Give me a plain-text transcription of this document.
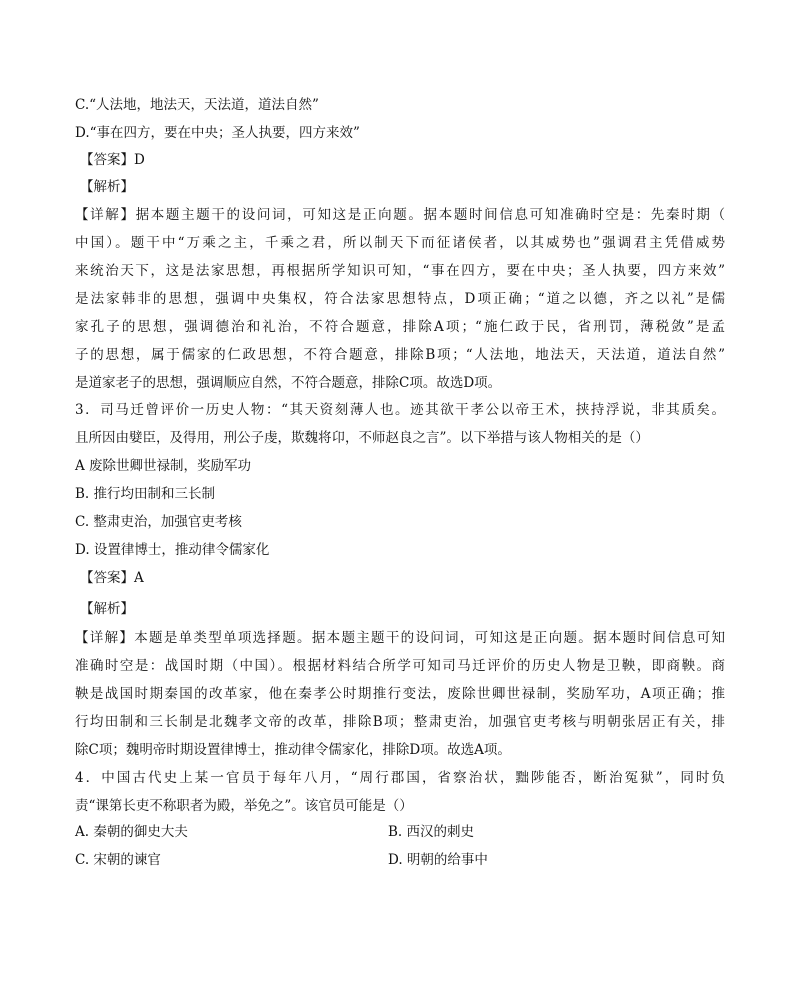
C.“人法地，地法天，天法道，道法自然”
D.“事在四方，要在中央；圣人执要，四方来效”
【答案】D
【解析】
【详解】据本题主题干的设问词，可知这是正向题。据本题时间信息可知准确时空是：先秦时期（
中国）。题干中“万乘之主，千乘之君，所以制天下而征诸侯者，以其威势也”强调君主凭借威势
来统治天下，这是法家思想，再根据所学知识可知，“事在四方，要在中央；圣人执要，四方来效”
是法家韩非的思想，强调中央集权，符合法家思想特点，D项正确；“道之以德，齐之以礼”是儒
家孔子的思想，强调德治和礼治，不符合题意，排除A项；“施仁政于民，省刑罚，薄税敛”是孟
子的思想，属于儒家的仁政思想，不符合题意，排除B项；“人法地，地法天，天法道，道法自然”
是道家老子的思想，强调顺应自然，不符合题意，排除C项。故选D项。
3．司马迁曾评价一历史人物：“其天资刻薄人也。迹其欲干孝公以帝王术，挟持浮说，非其质矣。
且所因由嬖臣，及得用，刑公子虔，欺魏将卬，不师赵良之言”。以下举措与该人物相关的是（）
A 废除世卿世禄制，奖励军功
B. 推行均田制和三长制
C. 整肃吏治，加强官吏考核
D. 设置律博士，推动律令儒家化
【答案】A
【解析】
【详解】本题是单类型单项选择题。据本题主题干的设问词，可知这是正向题。据本题时间信息可知
准确时空是：战国时期（中国）。根据材料结合所学可知司马迁评价的历史人物是卫鞅，即商鞅。商
鞅是战国时期秦国的改革家，他在秦孝公时期推行变法，废除世卿世禄制，奖励军功，A项正确；推
行均田制和三长制是北魏孝文帝的改革，排除B项；整肃吏治，加强官吏考核与明朝张居正有关，排
除C项；魏明帝时期设置律博士，推动律令儒家化，排除D项。故选A项。
4．中国古代史上某一官员于每年八月，“周行郡国，省察治状，黜陟能否，断治冤狱”，同时负
责“课第长吏不称职者为殿，举免之”。该官员可能是（）
A. 秦朝的御史大夫	B. 西汉的刺史
C. 宋朝的谏官	D. 明朝的给事中
